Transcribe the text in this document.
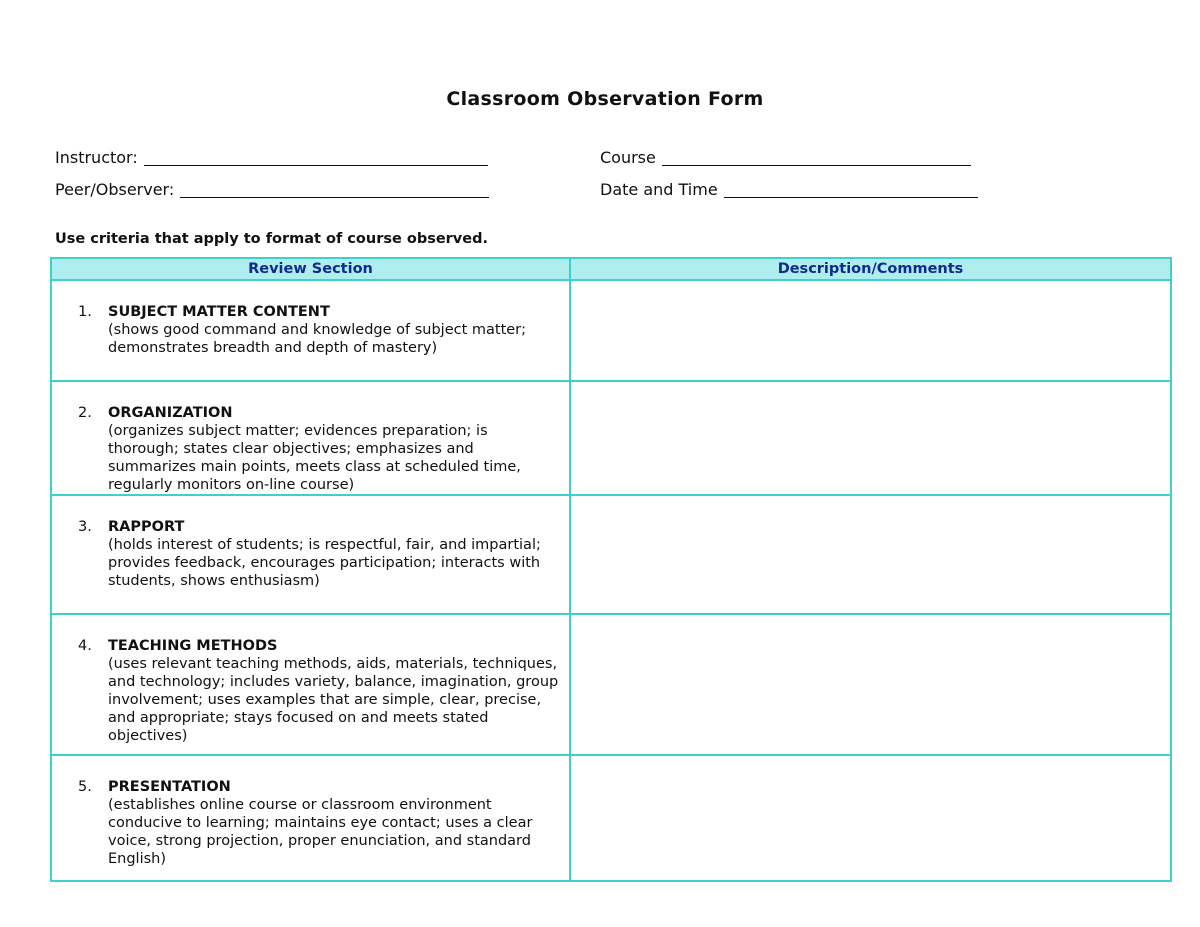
Classroom Observation Form
Instructor:	Course
Peer/Observer:	Date and Time
Use criteria that apply to format of course observed.
Review Section	Description/Comments

1. SUBJECT MATTER CONTENT
(shows good command and knowledge of subject matter; demonstrates breadth and depth of mastery)	

2. ORGANIZATION
(organizes subject matter; evidences preparation; is thorough; states clear objectives; emphasizes and summarizes main points, meets class at scheduled time, regularly monitors on-line course)	

3. RAPPORT
(holds interest of students; is respectful, fair, and impartial; provides feedback, encourages participation; interacts with students, shows enthusiasm)	

4. TEACHING METHODS
(uses relevant teaching methods, aids, materials, techniques, and technology; includes variety, balance, imagination, group involvement; uses examples that are simple, clear, precise, and appropriate; stays focused on and meets stated objectives)	

5. PRESENTATION
(establishes online course or classroom environment conducive to learning; maintains eye contact; uses a clear voice, strong projection, proper enunciation, and standard English)	
